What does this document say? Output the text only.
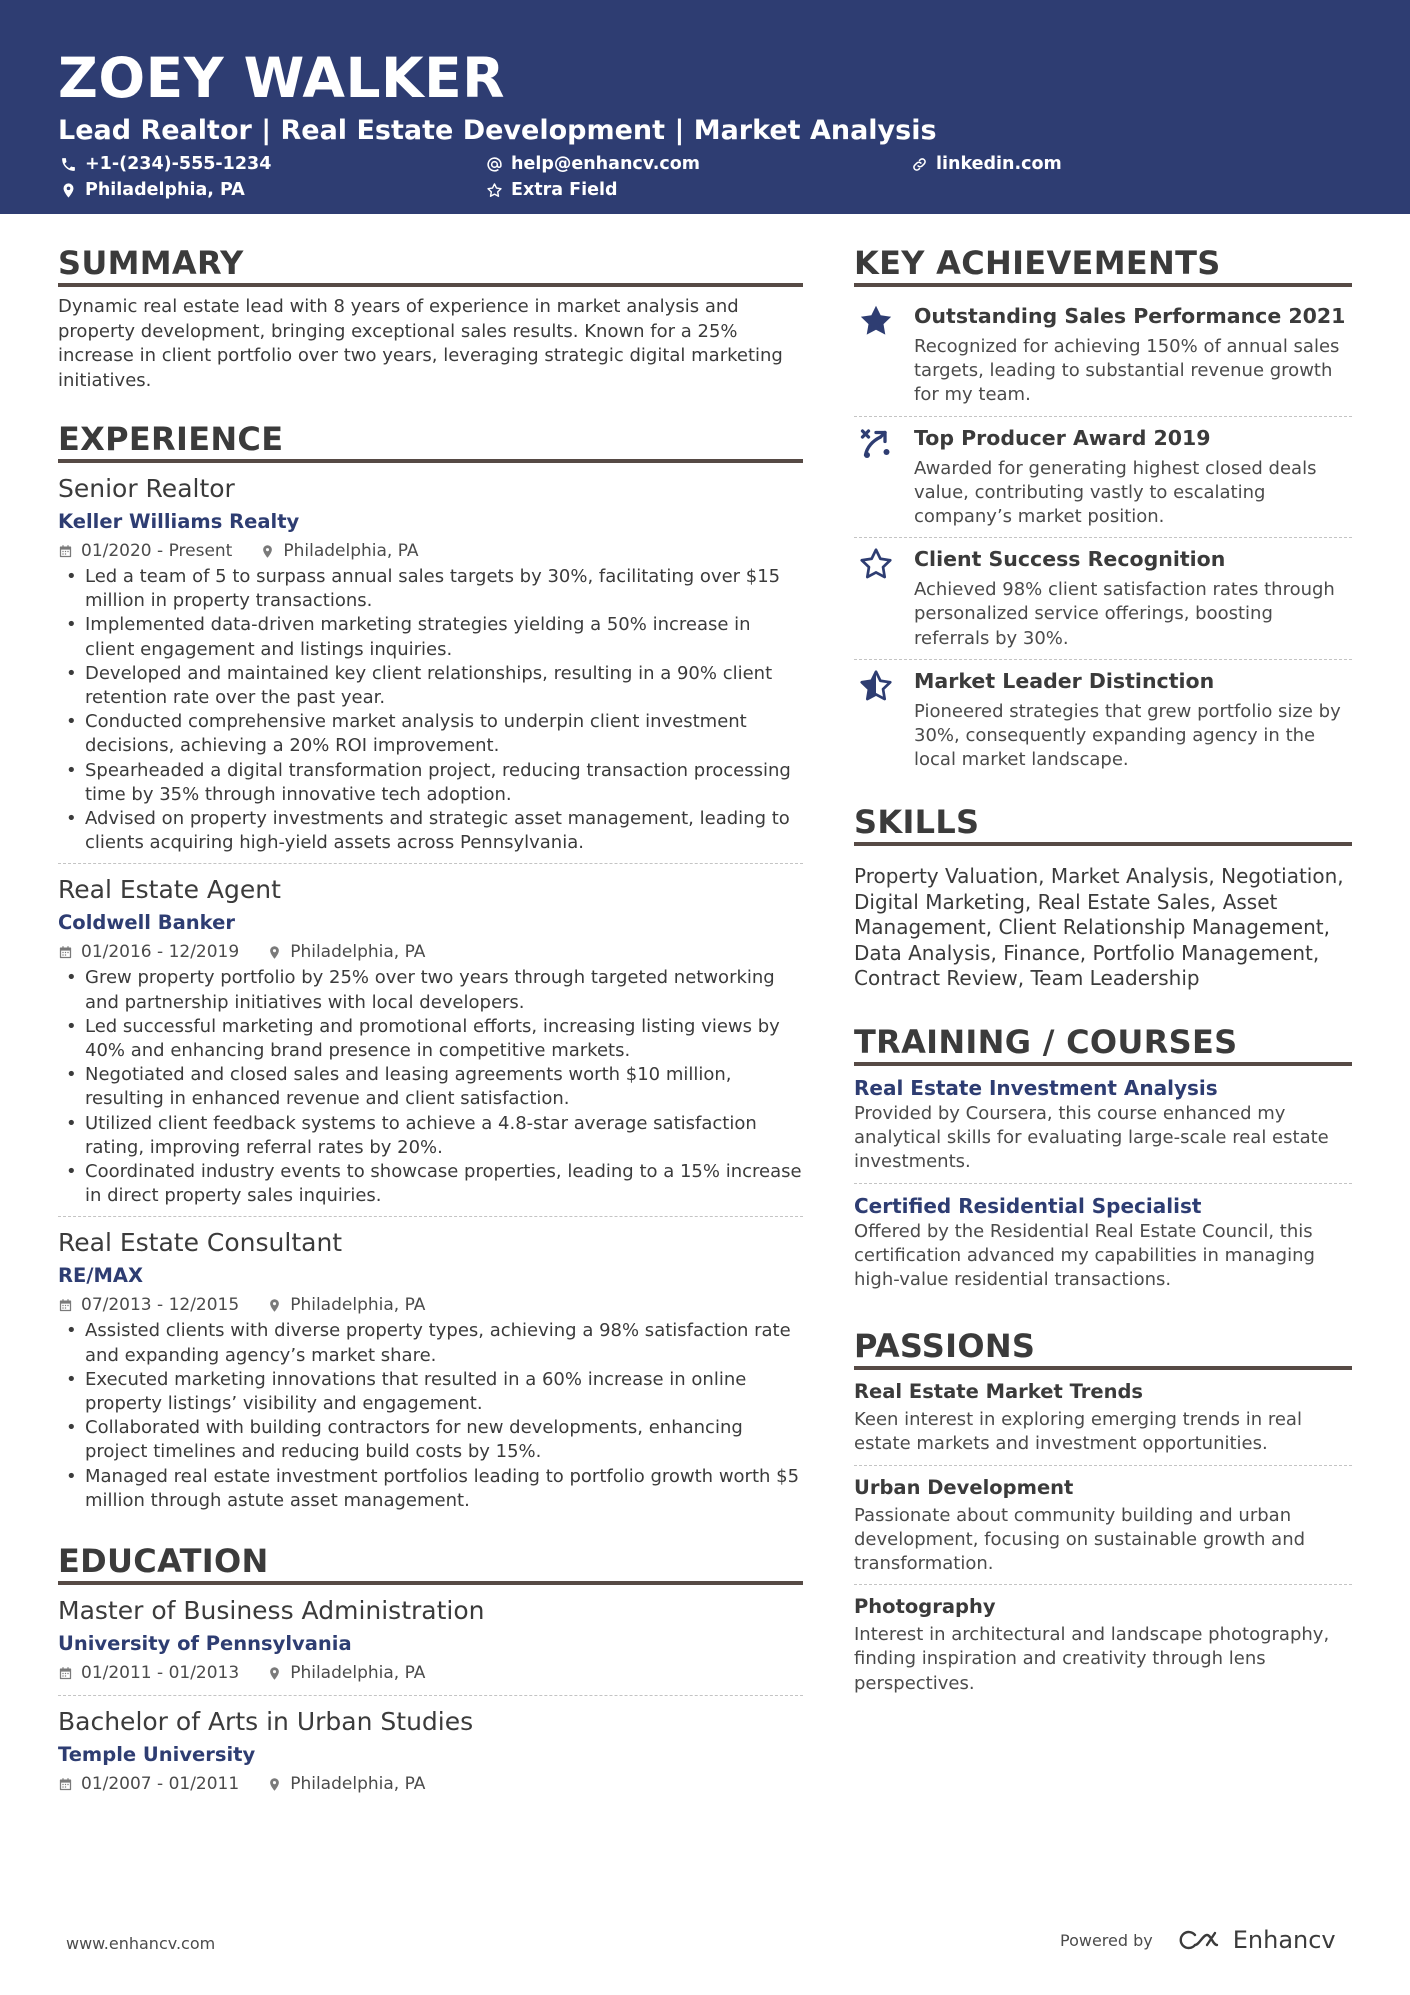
ZOEY WALKER
Lead Realtor | Real Estate Development | Market Analysis
+1-(234)-555-1234	help@enhancv.com	linkedin.com
Philadelphia, PA	Extra Field
SUMMARY
Dynamic real estate lead with 8 years of experience in market analysis and property development, bringing exceptional sales results. Known for a 25% increase in client portfolio over two years, leveraging strategic digital marketing initiatives.
EXPERIENCE
Senior Realtor
Keller Williams Realty
01/2020 - Present	Philadelphia, PA
• Led a team of 5 to surpass annual sales targets by 30%, facilitating over $15 million in property transactions.
• Implemented data-driven marketing strategies yielding a 50% increase in client engagement and listings inquiries.
• Developed and maintained key client relationships, resulting in a 90% client retention rate over the past year.
• Conducted comprehensive market analysis to underpin client investment decisions, achieving a 20% ROI improvement.
• Spearheaded a digital transformation project, reducing transaction processing time by 35% through innovative tech adoption.
• Advised on property investments and strategic asset management, leading to clients acquiring high-yield assets across Pennsylvania.
Real Estate Agent
Coldwell Banker
01/2016 - 12/2019	Philadelphia, PA
• Grew property portfolio by 25% over two years through targeted networking and partnership initiatives with local developers.
• Led successful marketing and promotional efforts, increasing listing views by 40% and enhancing brand presence in competitive markets.
• Negotiated and closed sales and leasing agreements worth $10 million, resulting in enhanced revenue and client satisfaction.
• Utilized client feedback systems to achieve a 4.8-star average satisfaction rating, improving referral rates by 20%.
• Coordinated industry events to showcase properties, leading to a 15% increase in direct property sales inquiries.
Real Estate Consultant
RE/MAX
07/2013 - 12/2015	Philadelphia, PA
• Assisted clients with diverse property types, achieving a 98% satisfaction rate and expanding agency’s market share.
• Executed marketing innovations that resulted in a 60% increase in online property listings’ visibility and engagement.
• Collaborated with building contractors for new developments, enhancing project timelines and reducing build costs by 15%.
• Managed real estate investment portfolios leading to portfolio growth worth $5 million through astute asset management.
EDUCATION
Master of Business Administration
University of Pennsylvania
01/2011 - 01/2013	Philadelphia, PA
Bachelor of Arts in Urban Studies
Temple University
01/2007 - 01/2011	Philadelphia, PA
KEY ACHIEVEMENTS
Outstanding Sales Performance 2021
Recognized for achieving 150% of annual sales targets, leading to substantial revenue growth for my team.
Top Producer Award 2019
Awarded for generating highest closed deals value, contributing vastly to escalating company’s market position.
Client Success Recognition
Achieved 98% client satisfaction rates through personalized service offerings, boosting referrals by 30%.
Market Leader Distinction
Pioneered strategies that grew portfolio size by 30%, consequently expanding agency in the local market landscape.
SKILLS
Property Valuation, Market Analysis, Negotiation, Digital Marketing, Real Estate Sales, Asset Management, Client Relationship Management, Data Analysis, Finance, Portfolio Management, Contract Review, Team Leadership
TRAINING / COURSES
Real Estate Investment Analysis
Provided by Coursera, this course enhanced my analytical skills for evaluating large-scale real estate investments.
Certified Residential Specialist
Offered by the Residential Real Estate Council, this certification advanced my capabilities in managing high-value residential transactions.
PASSIONS
Real Estate Market Trends
Keen interest in exploring emerging trends in real estate markets and investment opportunities.
Urban Development
Passionate about community building and urban development, focusing on sustainable growth and transformation.
Photography
Interest in architectural and landscape photography, finding inspiration and creativity through lens perspectives.
www.enhancv.com	Powered by	Enhancv
